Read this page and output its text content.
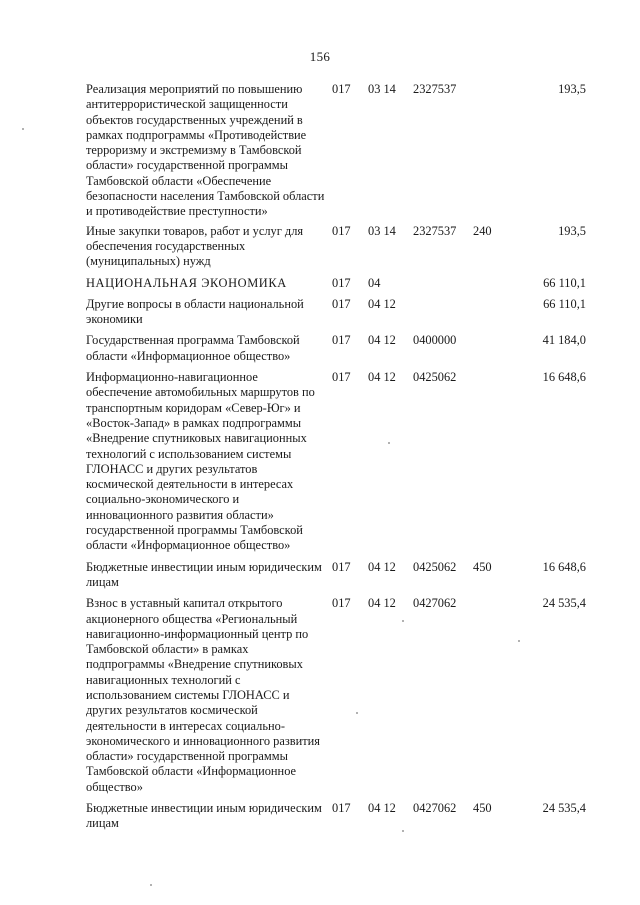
156
Реализация мероприятий по повышению антитеррористической защищенности объектов государственных учреждений в рамках подпрограммы «Противодействие терроризму и экстремизму в Тамбовской области» государственной программы Тамбовской области «Обеспечение безопасности населения Тамбовской области и противодействие преступности»	017	03 14	2327537		193,5
Иные закупки товаров, работ и услуг для обеспечения государственных (муниципальных) нужд	017	03 14	2327537	240	193,5
НАЦИОНАЛЬНАЯ ЭКОНОМИКА	017	04			66 110,1
Другие вопросы в области национальной экономики	017	04 12			66 110,1
Государственная программа Тамбовской области «Информационное общество»	017	04 12	0400000		41 184,0
Информационно-навигационное обеспечение автомобильных маршрутов по транспортным коридорам «Север-Юг» и «Восток-Запад» в рамках подпрограммы «Внедрение спутниковых навигационных технологий с использованием системы ГЛОНАСС и других результатов космической деятельности в интересах социально-экономического и инновационного развития области» государственной программы Тамбовской области «Информационное общество»	017	04 12	0425062		16 648,6
Бюджетные инвестиции иным юридическим лицам	017	04 12	0425062	450	16 648,6
Взнос в уставный капитал открытого акционерного общества «Региональный навигационно-информационный центр по Тамбовской области» в рамках подпрограммы «Внедрение спутниковых навигационных технологий с использованием системы ГЛОНАСС и других результатов космической деятельности в интересах социально-экономического и инновационного развития области» государственной программы Тамбовской области «Информационное общество»	017	04 12	0427062		24 535,4
Бюджетные инвестиции иным юридическим лицам	017	04 12	0427062	450	24 535,4
